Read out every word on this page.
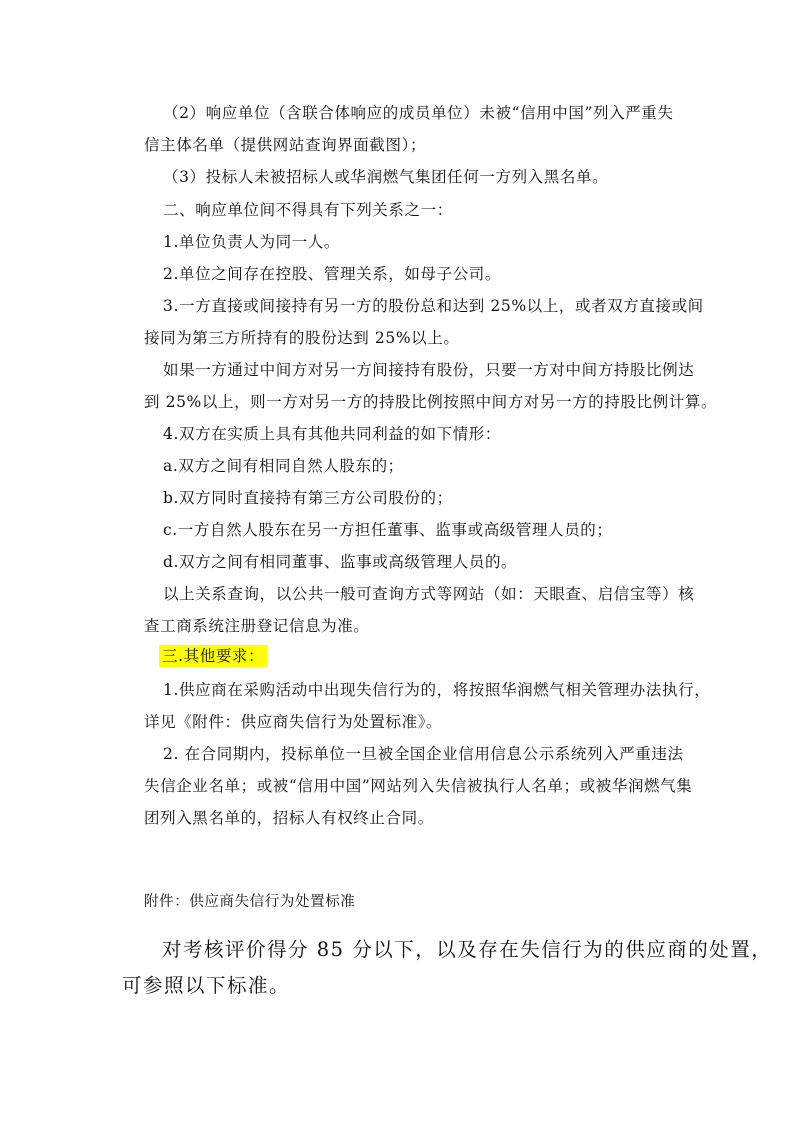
（2）响应单位（含联合体响应的成员单位）未被“信用中国”列入严重失
信主体名单（提供网站查询界面截图）；
（3）投标人未被招标人或华润燃气集团任何一方列入黑名单。
二、响应单位间不得具有下列关系之一：
1.单位负责人为同一人。
2.单位之间存在控股、管理关系，如母子公司。
3.一方直接或间接持有另一方的股份总和达到 25%以上，或者双方直接或间
接同为第三方所持有的股份达到 25%以上。
如果一方通过中间方对另一方间接持有股份，只要一方对中间方持股比例达
到 25%以上，则一方对另一方的持股比例按照中间方对另一方的持股比例计算。
4.双方在实质上具有其他共同利益的如下情形：
a.双方之间有相同自然人股东的；
b.双方同时直接持有第三方公司股份的；
c.一方自然人股东在另一方担任董事、监事或高级管理人员的；
d.双方之间有相同董事、监事或高级管理人员的。
以上关系查询，以公共一般可查询方式等网站（如：天眼查、启信宝等）核
查工商系统注册登记信息为准。
三.其他要求：
1.供应商在采购活动中出现失信行为的，将按照华润燃气相关管理办法执行，
详见《附件：供应商失信行为处置标准》。
2. 在合同期内，投标单位一旦被全国企业信用信息公示系统列入严重违法
失信企业名单；或被“信用中国”网站列入失信被执行人名单；或被华润燃气集
团列入黑名单的，招标人有权终止合同。
附件：供应商失信行为处置标准
对考核评价得分 85 分以下，以及存在失信行为的供应商的处置，
可参照以下标准。
